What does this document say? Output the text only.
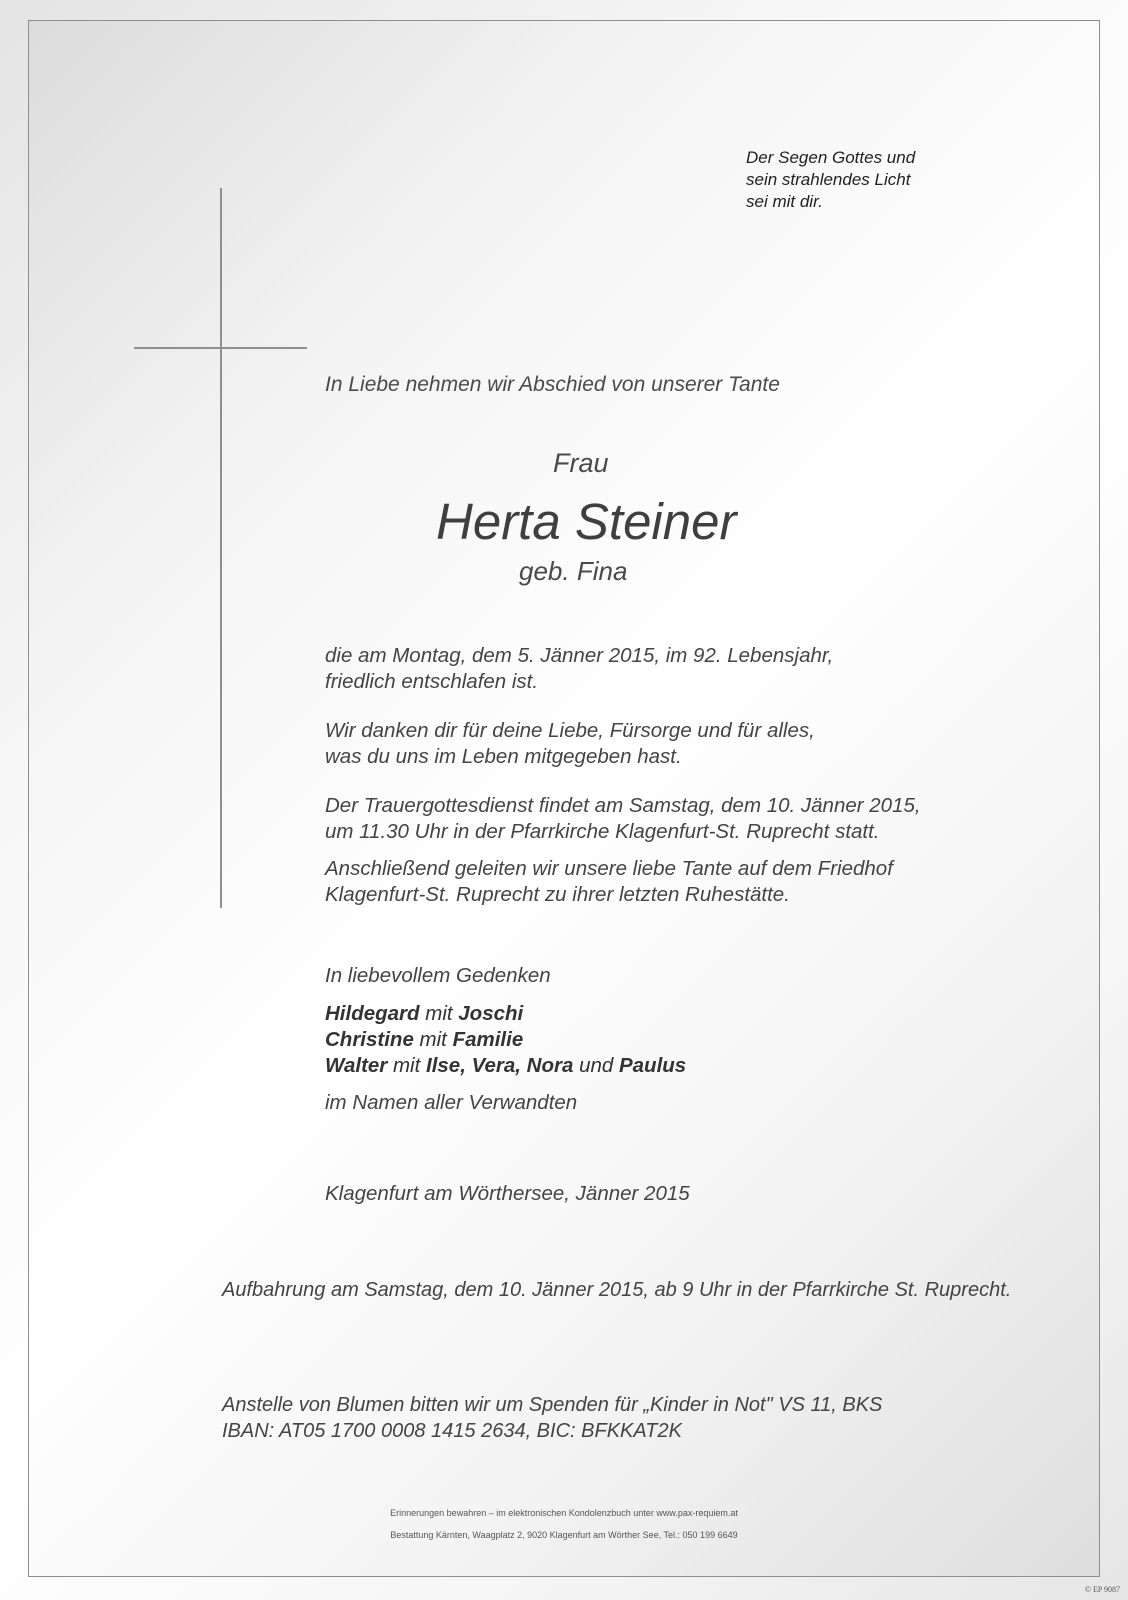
Der Segen Gottes und
sein strahlendes Licht
sei mit dir.
In Liebe nehmen wir Abschied von unserer Tante
Frau
Herta Steiner
geb. Fina
die am Montag, dem 5. Jänner 2015, im 92. Lebensjahr,
friedlich entschlafen ist.
Wir danken dir für deine Liebe, Fürsorge und für alles,
was du uns im Leben mitgegeben hast.
Der Trauergottesdienst findet am Samstag, dem 10. Jänner 2015,
um 11.30 Uhr in der Pfarrkirche Klagenfurt-St. Ruprecht statt.
Anschließend geleiten wir unsere liebe Tante auf dem Friedhof
Klagenfurt-St. Ruprecht zu ihrer letzten Ruhestätte.
In liebevollem Gedenken
Hildegard mit Joschi
Christine mit Familie
Walter mit Ilse, Vera, Nora und Paulus
im Namen aller Verwandten
Klagenfurt am Wörthersee, Jänner 2015
Aufbahrung am Samstag, dem 10. Jänner 2015, ab 9 Uhr in der Pfarrkirche St. Ruprecht.
Anstelle von Blumen bitten wir um Spenden für „Kinder in Not" VS 11, BKS
IBAN: AT05 1700 0008 1415 2634, BIC: BFKKAT2K
Erinnerungen bewahren – im elektronischen Kondolenzbuch unter www.pax-requiem.at
Bestattung Kärnten, Waagplatz 2, 9020 Klagenfurt am Wörther See, Tel.: 050 199 6649
© EP 9087
